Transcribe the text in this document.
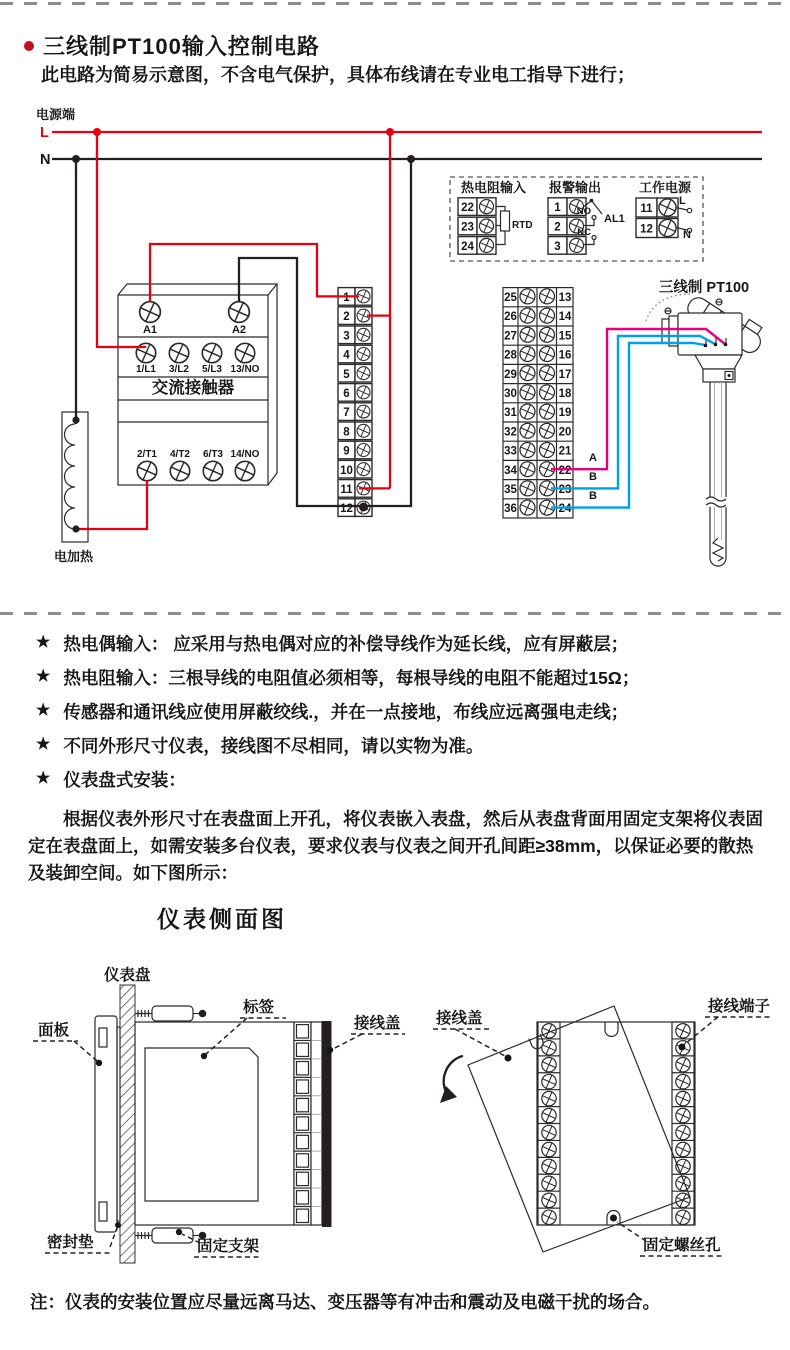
三线制PT100输入控制电路
此电路为简易示意图，不含电气保护，具体布线请在专业电工指导下进行；
电源端
L
N
热电阻输入
22
23
24
RTD
报警输出
1
2
3
NO
NC
AL1
工作电源
11
12
L
N
A1	A2
1/L1 3/L2 5/L3 13/NO
交流接触器
2/T1 4/T2 6/T3 14/NO
电加热
1
2
3
4
5
6
7
8
9
10
11
12
25	13
26	14
27	15
28	16
29	17
30	18
31	19
32	20
33	21
34	22
35	23
36	24
三线制 PT100
A
B
B
★ 热电偶输入： 应采用与热电偶对应的补偿导线作为延长线，应有屏蔽层；
★ 热电阻输入：三根导线的电阻值必须相等，每根导线的电阻不能超过15Ω；
★ 传感器和通讯线应使用屏蔽绞线.，并在一点接地，布线应远离强电走线；
★ 不同外形尺寸仪表，接线图不尽相同，请以实物为准。
★ 仪表盘式安装：

根据仪表外形尺寸在表盘面上开孔，将仪表嵌入表盘，然后从表盘背面用固定支架将仪表固定在表盘面上，如需安装多台仪表，要求仪表与仪表之间开孔间距≥38mm，以保证必要的散热及装卸空间。如下图所示：

仪表侧面图
仪表盘
面板
标签
接线盖
密封垫	固定支架
接线盖
接线端子
固定螺丝孔

注：仪表的安装位置应尽量远离马达、变压器等有冲击和震动及电磁干扰的场合。
